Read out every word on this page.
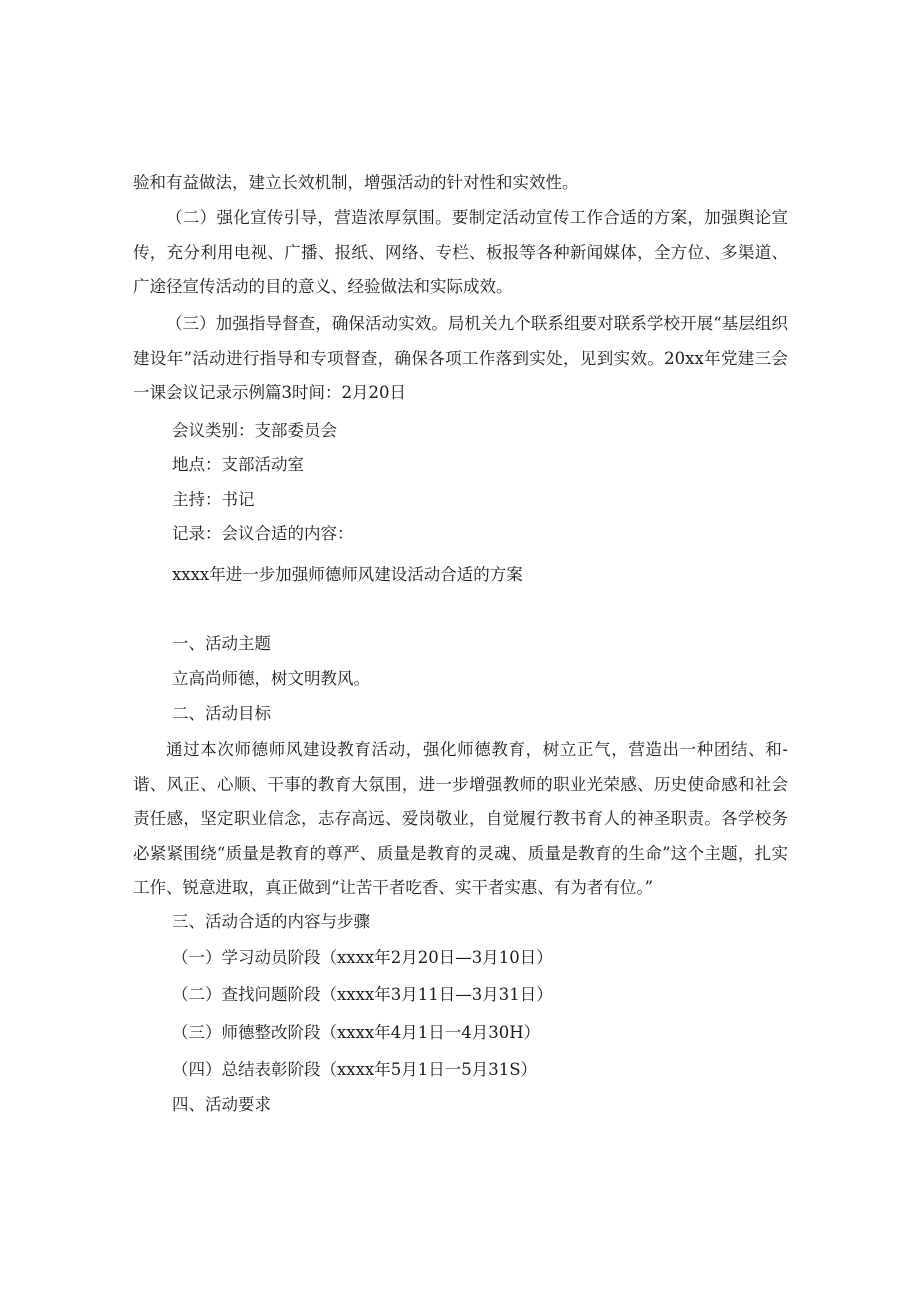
验和有益做法，建立长效机制，增强活动的针对性和实效性。

（二）强化宣传引导，营造浓厚氛围。要制定活动宣传工作合适的方案，加强舆论宣传，充分利用电视、广播、报纸、网络、专栏、板报等各种新闻媒体，全方位、多渠道、广途径宣传活动的目的意义、经验做法和实际成效。

（三）加强指导督查，确保活动实效。局机关九个联系组要对联系学校开展“基层组织建设年”活动进行指导和专项督查，确保各项工作落到实处，见到实效。20xx年党建三会一课会议记录示例篇3时间：2月20日

会议类别：支部委员会

地点：支部活动室

主持：书记

记录：会议合适的内容：

xxxx年进一步加强师德师风建设活动合适的方案

一、活动主题

立高尚师德，树文明教风。

二、活动目标

通过本次师德师风建设教育活动，强化师德教育，树立正气，营造出一种团结、和-谐、风正、心顺、干事的教育大氛围，进一步增强教师的职业光荣感、历史使命感和社会责任感，坚定职业信念，志存高远、爱岗敬业，自觉履行教书育人的神圣职责。各学校务必紧紧围绕“质量是教育的尊严、质量是教育的灵魂、质量是教育的生命”这个主题，扎实工作、锐意进取，真正做到“让苦干者吃香、实干者实惠、有为者有位。”

三、活动合适的内容与步骤

（一）学习动员阶段（xxxx年2月20日—3月10日）

（二）查找问题阶段（xxxx年3月11日—3月31日）

（三）师德整改阶段（xxxx年4月1日一4月30H）

（四）总结表彰阶段（xxxx年5月1日一5月31S）

四、活动要求
